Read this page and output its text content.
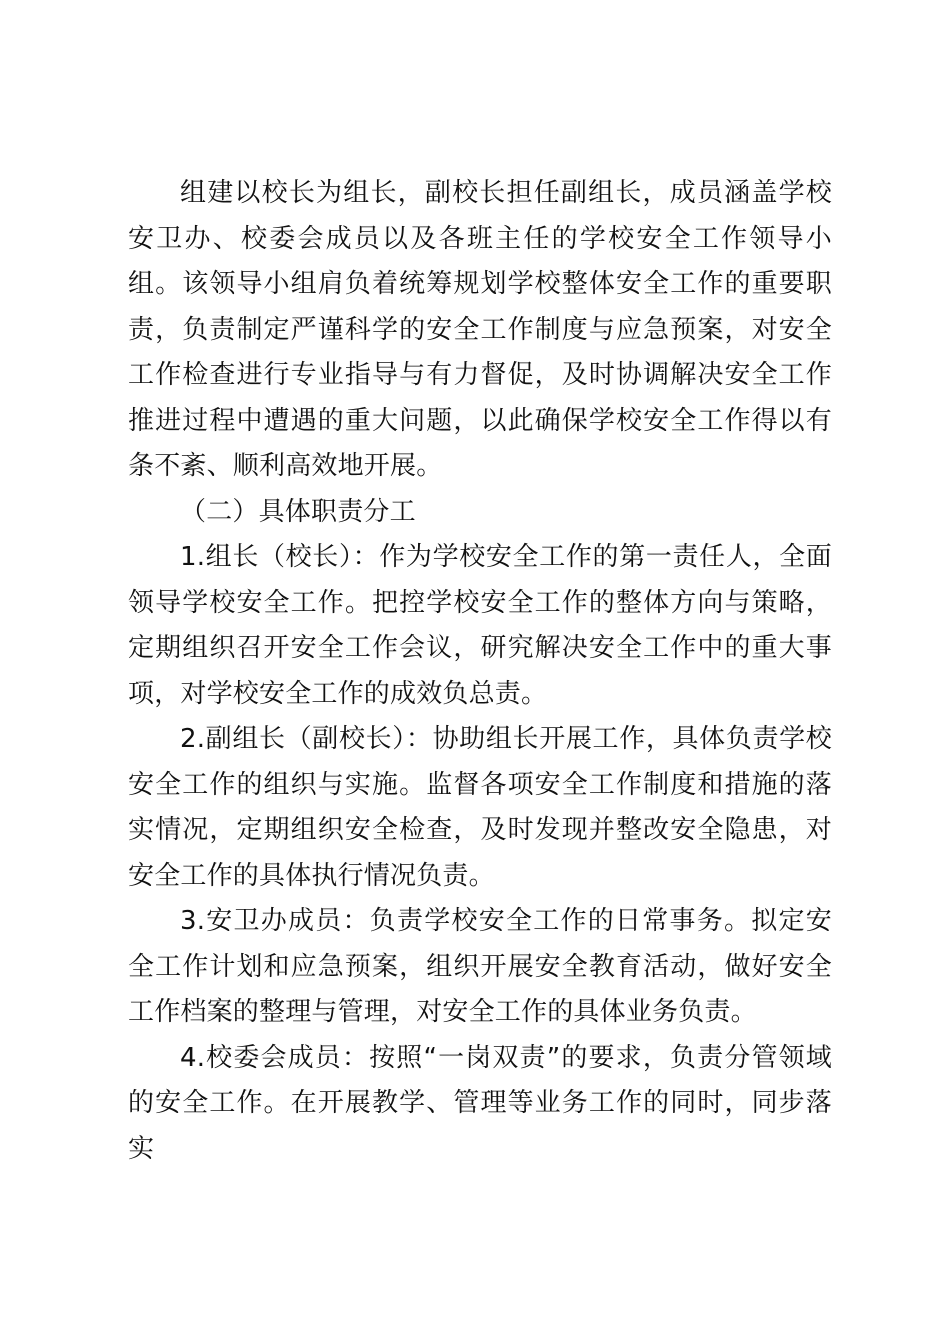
组建以校长为组长，副校长担任副组长，成员涵盖学校安卫办、校委会成员以及各班主任的学校安全工作领导小组。该领导小组肩负着统筹规划学校整体安全工作的重要职责，负责制定严谨科学的安全工作制度与应急预案，对安全工作检查进行专业指导与有力督促，及时协调解决安全工作推进过程中遭遇的重大问题，以此确保学校安全工作得以有条不紊、顺利高效地开展。

（二）具体职责分工

1.组长（校长）：作为学校安全工作的第一责任人，全面领导学校安全工作。把控学校安全工作的整体方向与策略，定期组织召开安全工作会议，研究解决安全工作中的重大事项，对学校安全工作的成效负总责。

2.副组长（副校长）：协助组长开展工作，具体负责学校安全工作的组织与实施。监督各项安全工作制度和措施的落实情况，定期组织安全检查，及时发现并整改安全隐患，对安全工作的具体执行情况负责。

3.安卫办成员：负责学校安全工作的日常事务。拟定安全工作计划和应急预案，组织开展安全教育活动，做好安全工作档案的整理与管理，对安全工作的具体业务负责。

4.校委会成员：按照“一岗双责”的要求，负责分管领域的安全工作。在开展教学、管理等业务工作的同时，同步落实
